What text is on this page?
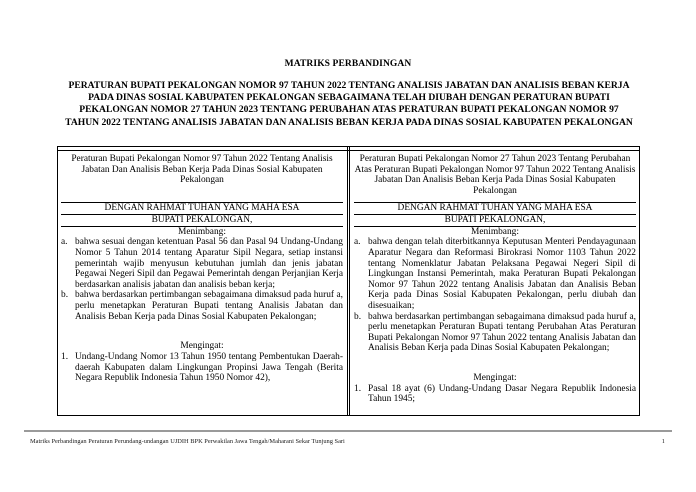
MATRIKS PERBANDINGAN
PERATURAN BUPATI PEKALONGAN NOMOR 97 TAHUN 2022 TENTANG ANALISIS JABATAN DAN ANALISIS BEBAN KERJA PADA DINAS SOSIAL KABUPATEN PEKALONGAN SEBAGAIMANA TELAH DIUBAH DENGAN PERATURAN BUPATI PEKALONGAN NOMOR 27 TAHUN 2023 TENTANG PERUBAHAN ATAS PERATURAN BUPATI PEKALONGAN NOMOR 97 TAHUN 2022 TENTANG ANALISIS JABATAN DAN ANALISIS BEBAN KERJA PADA DINAS SOSIAL KABUPATEN PEKALONGAN
Peraturan Bupati Pekalongan Nomor 97 Tahun 2022 Tentang Analisis Jabatan Dan Analisis Beban Kerja Pada Dinas Sosial Kabupaten Pekalongan
DENGAN RAHMAT TUHAN YANG MAHA ESA
BUPATI PEKALONGAN,
Menimbang:
a. bahwa sesuai dengan ketentuan Pasal 56 dan Pasal 94 Undang-Undang Nomor 5 Tahun 2014 tentang Aparatur Sipil Negara, setiap instansi pemerintah wajib menyusun kebutuhan jumlah dan jenis jabatan Pegawai Negeri Sipil dan Pegawai Pemerintah dengan Perjanjian Kerja berdasarkan analisis jabatan dan analisis beban kerja;
b. bahwa berdasarkan pertimbangan sebagaimana dimaksud pada huruf a, perlu menetapkan Peraturan Bupati tentang Analisis Jabatan dan Analisis Beban Kerja pada Dinas Sosial Kabupaten Pekalongan;
Mengingat:
1. Undang-Undang Nomor 13 Tahun 1950 tentang Pembentukan Daerah-daerah Kabupaten dalam Lingkungan Propinsi Jawa Tengah (Berita Negara Republik Indonesia Tahun 1950 Nomor 42),
Peraturan Bupati Pekalongan Nomor 27 Tahun 2023 Tentang Perubahan Atas Peraturan Bupati Pekalongan Nomor 97 Tahun 2022 Tentang Analisis Jabatan Dan Analisis Beban Kerja Pada Dinas Sosial Kabupaten Pekalongan
DENGAN RAHMAT TUHAN YANG MAHA ESA
BUPATI PEKALONGAN,
Menimbang:
a. bahwa dengan telah diterbitkannya Keputusan Menteri Pendayagunaan Aparatur Negara dan Reformasi Birokrasi Nomor 1103 Tahun 2022 tentang Nomenklatur Jabatan Pelaksana Pegawai Negeri Sipil di Lingkungan Instansi Pemerintah, maka Peraturan Bupati Pekalongan Nomor 97 Tahun 2022 tentang Analisis Jabatan dan Analisis Beban Kerja pada Dinas Sosial Kabupaten Pekalongan, perlu diubah dan disesuaikan;
b. bahwa berdasarkan pertimbangan sebagaimana dimaksud pada huruf a, perlu menetapkan Peraturan Bupati tentang Perubahan Atas Peraturan Bupati Pekalongan Nomor 97 Tahun 2022 tentang Analisis Jabatan dan Analisis Beban Kerja pada Dinas Sosial Kabupaten Pekalongan;
Mengingat:
1. Pasal 18 ayat (6) Undang-Undang Dasar Negara Republik Indonesia Tahun 1945;
Matriks Perbandingan Peraturan Perundang-undangan UJDIH BPK Perwakilan Jawa Tengah/Maharani Sekar Tunjung Sari	1
